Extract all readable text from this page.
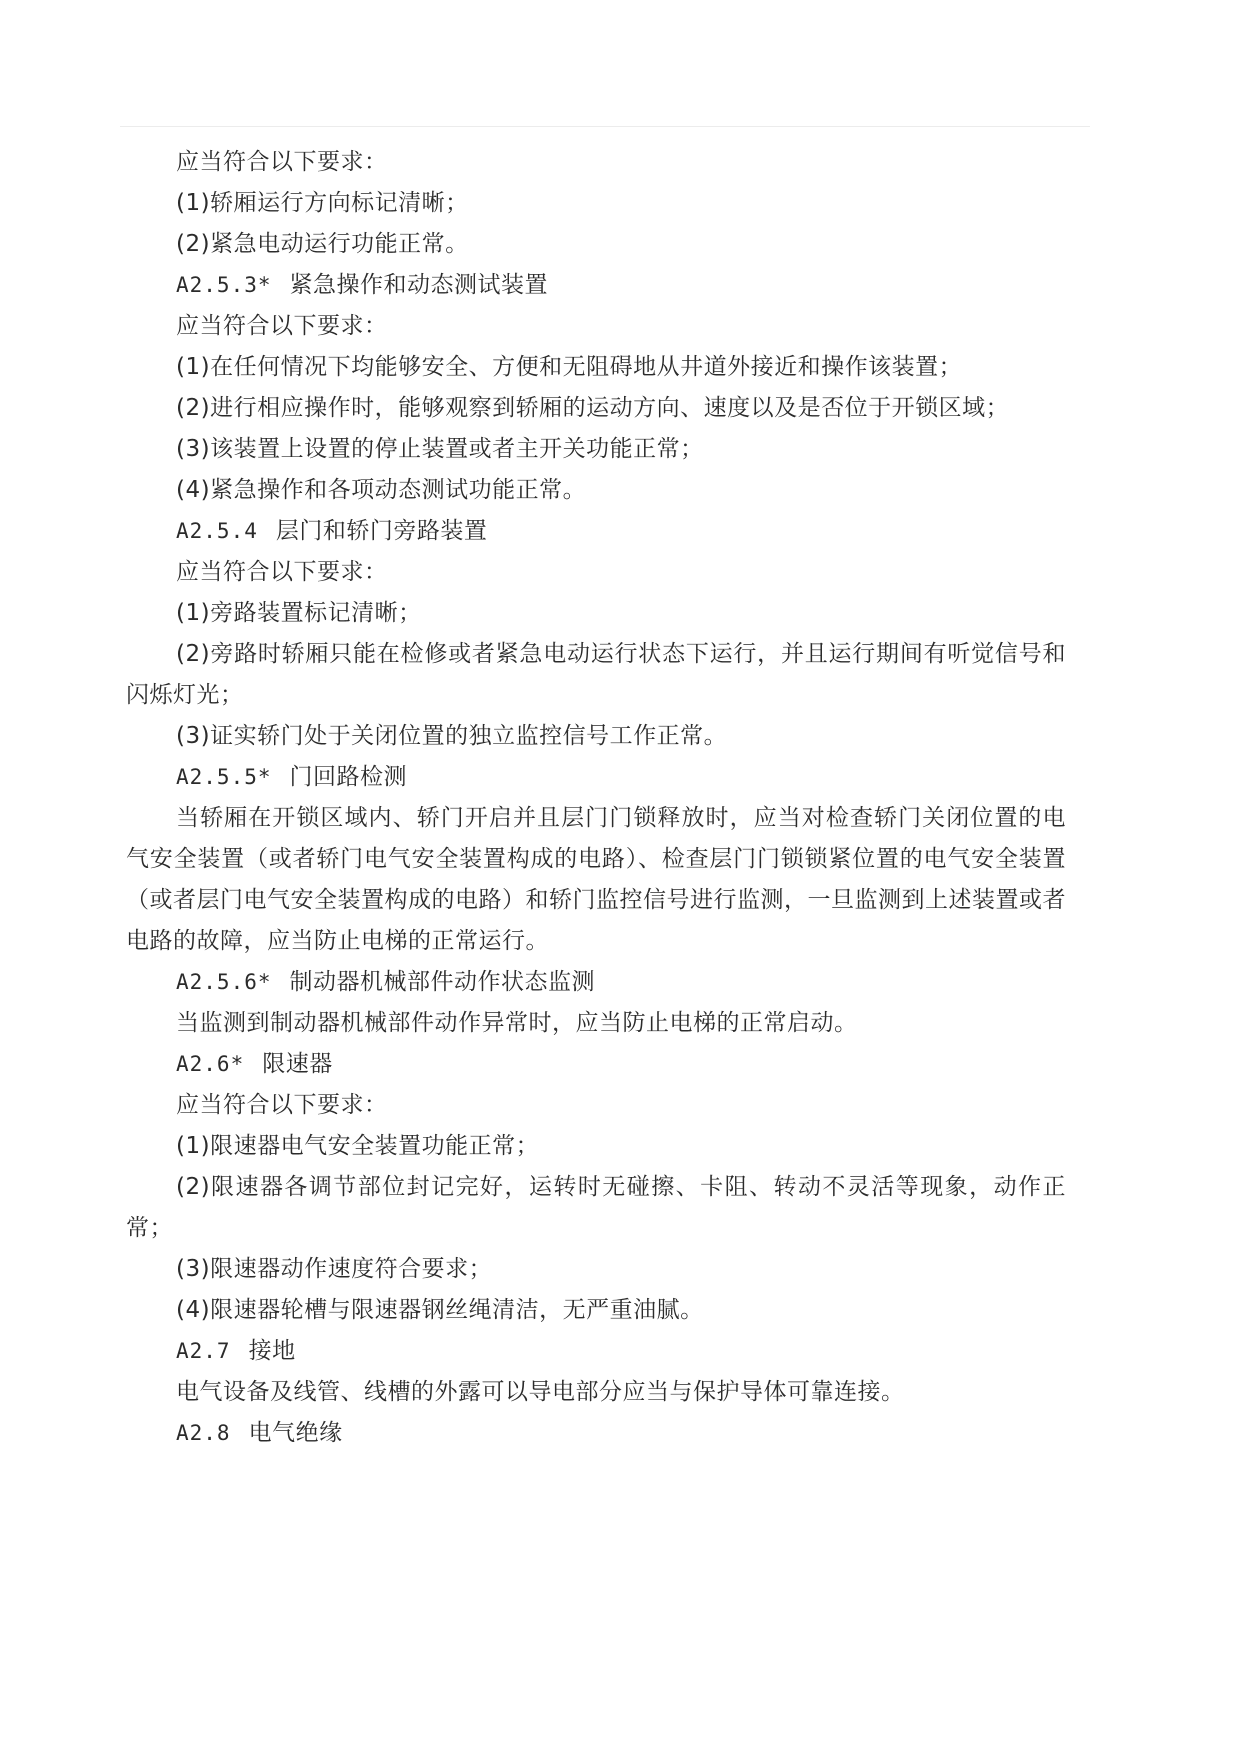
应当符合以下要求：

(1)轿厢运行方向标记清晰；

(2)紧急电动运行功能正常。

A2.5.3* 紧急操作和动态测试装置

应当符合以下要求：

(1)在任何情况下均能够安全、方便和无阻碍地从井道外接近和操作该装置；

(2)进行相应操作时，能够观察到轿厢的运动方向、速度以及是否位于开锁区域；

(3)该装置上设置的停止装置或者主开关功能正常；

(4)紧急操作和各项动态测试功能正常。

A2.5.4 层门和轿门旁路装置

应当符合以下要求：

(1)旁路装置标记清晰；

(2)旁路时轿厢只能在检修或者紧急电动运行状态下运行，并且运行期间有听觉信号和闪烁灯光；

(3)证实轿门处于关闭位置的独立监控信号工作正常。

A2.5.5* 门回路检测

当轿厢在开锁区域内、轿门开启并且层门门锁释放时，应当对检查轿门关闭位置的电气安全装置（或者轿门电气安全装置构成的电路）、检查层门门锁锁紧位置的电气安全装置（或者层门电气安全装置构成的电路）和轿门监控信号进行监测，一旦监测到上述装置或者电路的故障，应当防止电梯的正常运行。

A2.5.6* 制动器机械部件动作状态监测

当监测到制动器机械部件动作异常时，应当防止电梯的正常启动。

A2.6* 限速器

应当符合以下要求：

(1)限速器电气安全装置功能正常；

(2)限速器各调节部位封记完好，运转时无碰擦、卡阻、转动不灵活等现象，动作正常；

(3)限速器动作速度符合要求；

(4)限速器轮槽与限速器钢丝绳清洁，无严重油腻。

A2.7 接地

电气设备及线管、线槽的外露可以导电部分应当与保护导体可靠连接。

A2.8 电气绝缘
